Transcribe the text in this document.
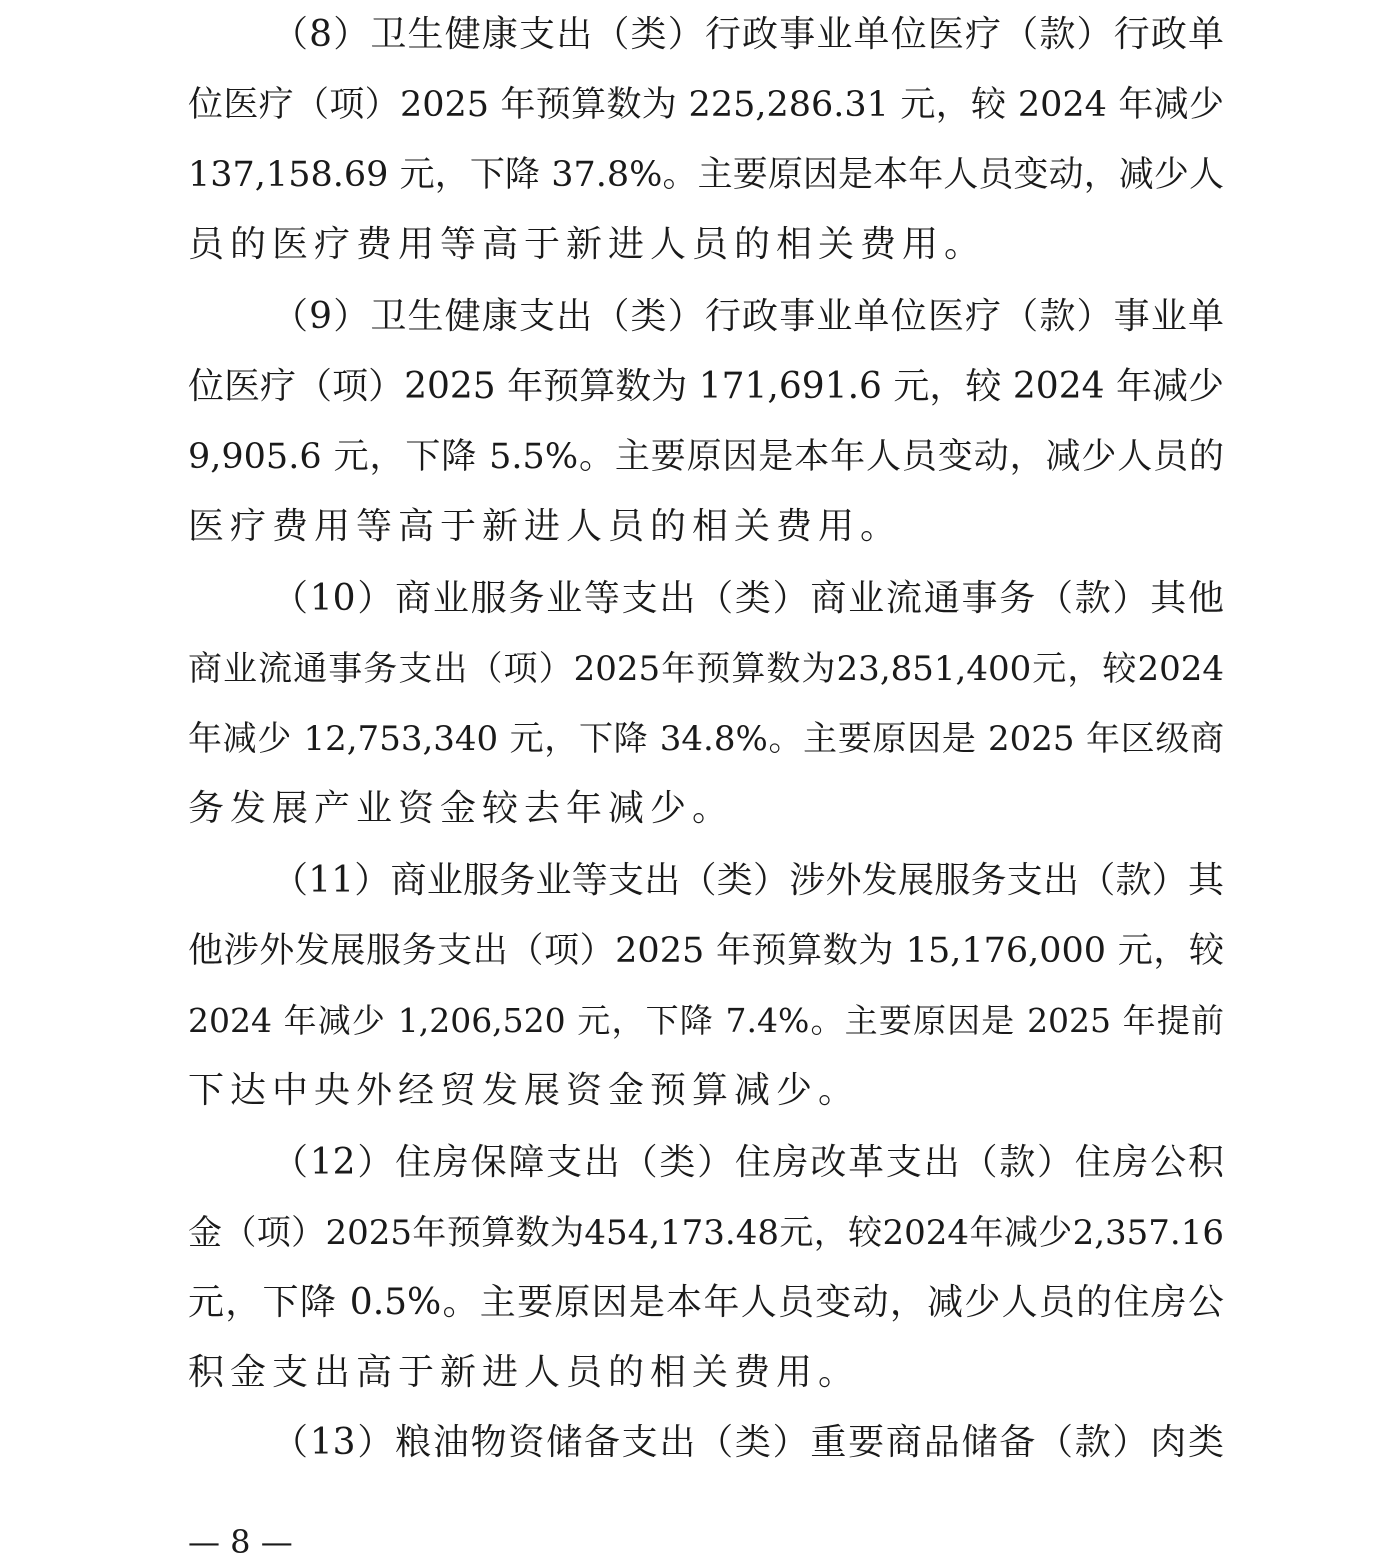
（8）卫生健康支出（类）行政事业单位医疗（款）行政单
位医疗（项）2025 年预算数为 225,286.31 元，较 2024 年减少
137,158.69 元，下降 37.8%。主要原因是本年人员变动，减少人
员的医疗费用等高于新进人员的相关费用。
（9）卫生健康支出（类）行政事业单位医疗（款）事业单
位医疗（项）2025 年预算数为 171,691.6 元，较 2024 年减少
9,905.6 元，下降 5.5%。主要原因是本年人员变动，减少人员的
医疗费用等高于新进人员的相关费用。
（10）商业服务业等支出（类）商业流通事务（款）其他
商业流通事务支出（项）2025年预算数为23,851,400元，较2024
年减少 12,753,340 元，下降 34.8%。主要原因是 2025 年区级商
务发展产业资金较去年减少。
（11）商业服务业等支出（类）涉外发展服务支出（款）其
他涉外发展服务支出（项）2025 年预算数为 15,176,000 元，较
2024 年减少 1,206,520 元，下降 7.4%。主要原因是 2025 年提前
下达中央外经贸发展资金预算减少。
（12）住房保障支出（类）住房改革支出（款）住房公积
金（项）2025年预算数为454,173.48元，较2024年减少2,357.16
元，下降 0.5%。主要原因是本年人员变动，减少人员的住房公
积金支出高于新进人员的相关费用。
（13）粮油物资储备支出（类）重要商品储备（款）肉类
— 8 —
